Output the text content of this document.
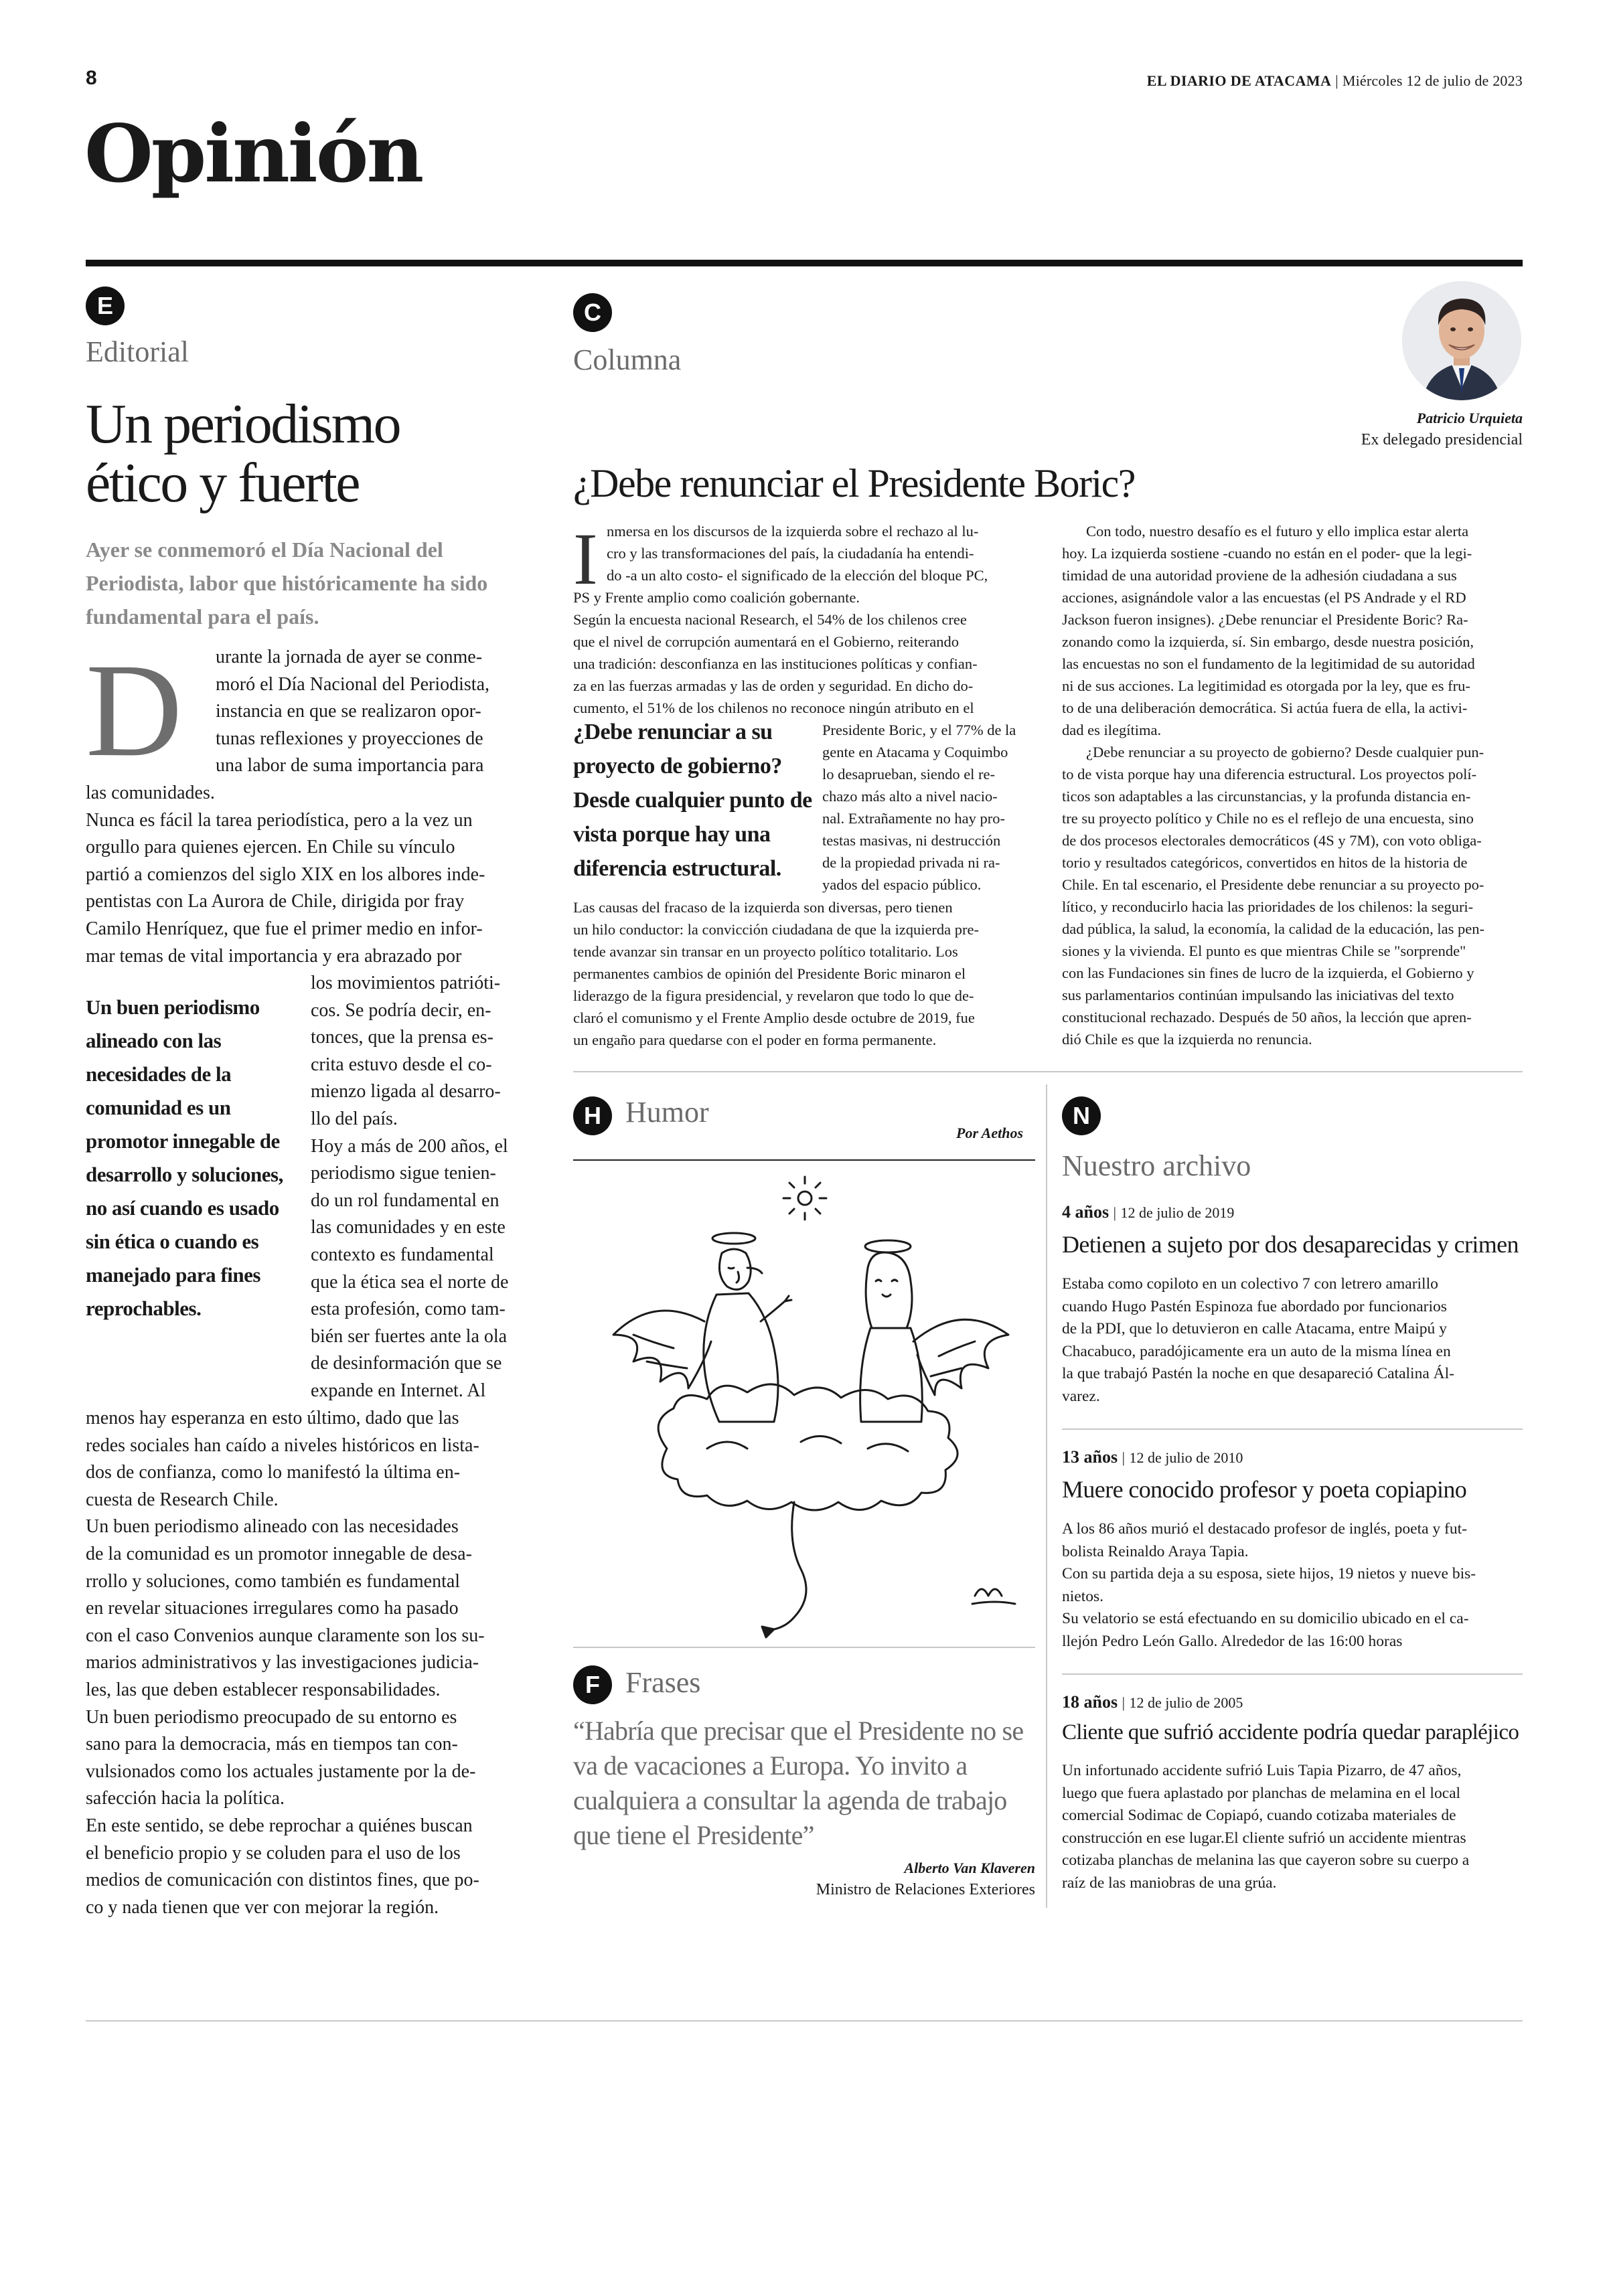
8	EL DIARIO DE ATACAMA | Miércoles 12 de julio de 2023
Opinión
E
Editorial
Un periodismo
ético y fuerte
Ayer se conmemoró el Día Nacional del Periodista, labor que históricamente ha sido fundamental para el país.
D urante la jornada de ayer se conme-
moró el Día Nacional del Periodista,
instancia en que se realizaron opor-
tunas reflexiones y proyecciones de
una labor de suma importancia para
las comunidades.
Nunca es fácil la tarea periodística, pero a la vez un
orgullo para quienes ejercen. En Chile su vínculo
partió a comienzos del siglo XIX en los albores inde-
pentistas con La Aurora de Chile, dirigida por fray
Camilo Henríquez, que fue el primer medio en infor-
mar temas de vital importancia y era abrazado por
Un buen periodismo alineado con las necesidades de la comunidad es un promotor innegable de desarrollo y soluciones, no así cuando es usado sin ética o cuando es manejado para fines reprochables.
los movimientos patrióti-
cos. Se podría decir, en-
tonces, que la prensa es-
crita estuvo desde el co-
mienzo ligada al desarro-
llo del país.
Hoy a más de 200 años, el
periodismo sigue tenien-
do un rol fundamental en
las comunidades y en este
contexto es fundamental
que la ética sea el norte de
esta profesión, como tam-
bién ser fuertes ante la ola
de desinformación que se
expande en Internet. Al
menos hay esperanza en esto último, dado que las
redes sociales han caído a niveles históricos en lista-
dos de confianza, como lo manifestó la última en-
cuesta de Research Chile.
Un buen periodismo alineado con las necesidades
de la comunidad es un promotor innegable de desa-
rrollo y soluciones, como también es fundamental
en revelar situaciones irregulares como ha pasado
con el caso Convenios aunque claramente son los su-
marios administrativos y las investigaciones judicia-
les, las que deben establecer responsabilidades.
Un buen periodismo preocupado de su entorno es
sano para la democracia, más en tiempos tan con-
vulsionados como los actuales justamente por la de-
safección hacia la política.
En este sentido, se debe reprochar a quiénes buscan
el beneficio propio y se coluden para el uso de los
medios de comunicación con distintos fines, que po-
co y nada tienen que ver con mejorar la región.
C
Columna
Patricio Urquieta
Ex delegado presidencial
¿Debe renunciar el Presidente Boric?
I nmersa en los discursos de la izquierda sobre el rechazo al lu-
cro y las transformaciones del país, la ciudadanía ha entendi-
do -a un alto costo- el significado de la elección del bloque PC,
PS y Frente amplio como coalición gobernante.
Según la encuesta nacional Research, el 54% de los chilenos cree
que el nivel de corrupción aumentará en el Gobierno, reiterando
una tradición: desconfianza en las instituciones políticas y confian-
za en las fuerzas armadas y las de orden y seguridad. En dicho do-
cumento, el 51% de los chilenos no reconoce ningún atributo en el
¿Debe renunciar a su proyecto de gobierno? Desde cualquier punto de vista porque hay una diferencia estructural.
Presidente Boric, y el 77% de la
gente en Atacama y Coquimbo
lo desaprueban, siendo el re-
chazo más alto a nivel nacio-
nal. Extrañamente no hay pro-
testas masivas, ni destrucción
de la propiedad privada ni ra-
yados del espacio público.
Las causas del fracaso de la izquierda son diversas, pero tienen
un hilo conductor: la convicción ciudadana de que la izquierda pre-
tende avanzar sin transar en un proyecto político totalitario. Los
permanentes cambios de opinión del Presidente Boric minaron el
liderazgo de la figura presidencial, y revelaron que todo lo que de-
claró el comunismo y el Frente Amplio desde octubre de 2019, fue
un engaño para quedarse con el poder en forma permanente.
Con todo, nuestro desafío es el futuro y ello implica estar alerta
hoy. La izquierda sostiene -cuando no están en el poder- que la legi-
timidad de una autoridad proviene de la adhesión ciudadana a sus
acciones, asignándole valor a las encuestas (el PS Andrade y el RD
Jackson fueron insignes). ¿Debe renunciar el Presidente Boric? Ra-
zonando como la izquierda, sí. Sin embargo, desde nuestra posición,
las encuestas no son el fundamento de la legitimidad de su autoridad
ni de sus acciones. La legitimidad es otorgada por la ley, que es fru-
to de una deliberación democrática. Si actúa fuera de ella, la activi-
dad es ilegítima.
¿Debe renunciar a su proyecto de gobierno? Desde cualquier pun-
to de vista porque hay una diferencia estructural. Los proyectos polí-
ticos son adaptables a las circunstancias, y la profunda distancia en-
tre su proyecto político y Chile no es el reflejo de una encuesta, sino
de dos procesos electorales democráticos (4S y 7M), con voto obliga-
torio y resultados categóricos, convertidos en hitos de la historia de
Chile. En tal escenario, el Presidente debe renunciar a su proyecto po-
lítico, y reconducirlo hacia las prioridades de los chilenos: la seguri-
dad pública, la salud, la economía, la calidad de la educación, las pen-
siones y la vivienda. El punto es que mientras Chile se "sorprende"
con las Fundaciones sin fines de lucro de la izquierda, el Gobierno y
sus parlamentarios continúan impulsando las iniciativas del texto
constitucional rechazado. Después de 50 años, la lección que apren-
dió Chile es que la izquierda no renuncia.
H Humor
Por Aethos
F Frases
“Habría que precisar que el Presidente no se va de vacaciones a Europa. Yo invito a cualquiera a consultar la agenda de trabajo que tiene el Presidente”
Alberto Van Klaveren
Ministro de Relaciones Exteriores
N
Nuestro archivo
4 años | 12 de julio de 2019
Detienen a sujeto por dos desaparecidas y crimen
Estaba como copiloto en un colectivo 7 con letrero amarillo
cuando Hugo Pastén Espinoza fue abordado por funcionarios
de la PDI, que lo detuvieron en calle Atacama, entre Maipú y
Chacabuco, paradójicamente era un auto de la misma línea en
la que trabajó Pastén la noche en que desapareció Catalina Ál-
varez.
13 años | 12 de julio de 2010
Muere conocido profesor y poeta copiapino
A los 86 años murió el destacado profesor de inglés, poeta y fut-
bolista Reinaldo Araya Tapia.
Con su partida deja a su esposa, siete hijos, 19 nietos y nueve bis-
nietos.
Su velatorio se está efectuando en su domicilio ubicado en el ca-
llejón Pedro León Gallo. Alrededor de las 16:00 horas
18 años | 12 de julio de 2005
Cliente que sufrió accidente podría quedar parapléjico
Un infortunado accidente sufrió Luis Tapia Pizarro, de 47 años,
luego que fuera aplastado por planchas de melamina en el local
comercial Sodimac de Copiapó, cuando cotizaba materiales de
construcción en ese lugar.El cliente sufrió un accidente mientras
cotizaba planchas de melanina las que cayeron sobre su cuerpo a
raíz de las maniobras de una grúa.
